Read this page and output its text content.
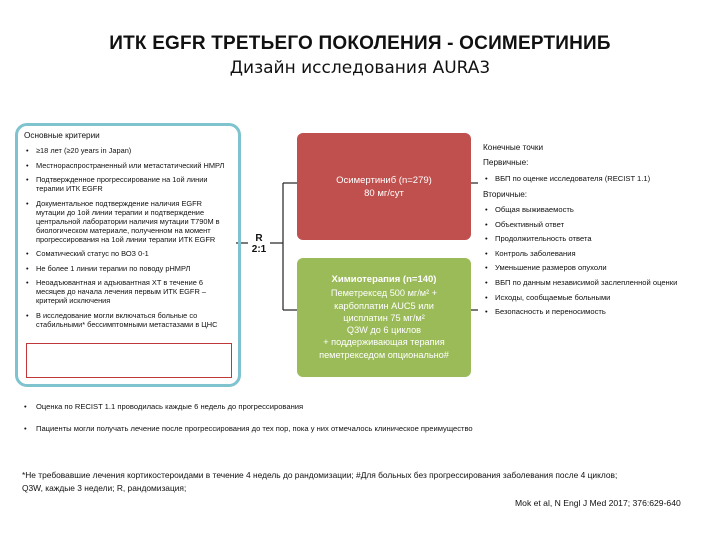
ИТК EGFR ТРЕТЬЕГО ПОКОЛЕНИЯ - ОСИМЕРТИНИБ
Дизайн исследования AURA3
Основные критерии
• ≥18 лет (≥20 years in Japan)
• Местнораспространенный или метастатический НМРЛ
• Подтвержденное прогрессирование на 1ой линии терапии ИТК EGFR
• Документальное подтверждение наличия EGFR мутации до 1ой линии терапии и подтверждение центральной лаборатории наличия мутации T790M в биологическом материале, полученном на момент прогрессирования на 1ой линии терапии ИТК EGFR
• Соматический статус по ВОЗ 0-1
• Не более 1 линии терапии по поводу рНМРЛ
• Неоадъювантная и адъювантная ХТ в течение 6 месяцев до начала лечения первым ИТК EGFR – критерий исключения
• В исследование могли включаться больные со стабильными* бессимптомными метастазами в ЦНС
R
2:1
Осимертиниб (n=279)
80 мг/сут
Химиотерапия (n=140)
Пеметрексед 500 мг/м² +
карбоплатин AUC5 или
цисплатин 75 мг/м²
Q3W до 6 циклов
+ поддерживающая терапия
пеметрекседом опционально#
Конечные точки
Первичные:
• ВБП по оценке исследователя (RECIST 1.1)
Вторичные:
• Общая выживаемость
• Объективный ответ
• Продолжительность ответа
• Контроль заболевания
• Уменьшение размеров опухоли
• ВБП по данным независимой заслепленной оценки
• Исходы, сообщаемые больными
• Безопасность и переносимость
• Оценка по RECIST 1.1 проводилась каждые 6 недель до прогрессирования
• Пациенты могли получать лечение после прогрессирования до тех пор, пока у них отмечалось клиническое преимущество
*Не требовавшие лечения кортикостероидами в течение 4 недель до рандомизации; #Для больных без прогрессирования заболевания после 4 циклов;
Q3W, каждые 3 недели; R, рандомизация;
Mok et al, N Engl J Med 2017; 376:629-640
